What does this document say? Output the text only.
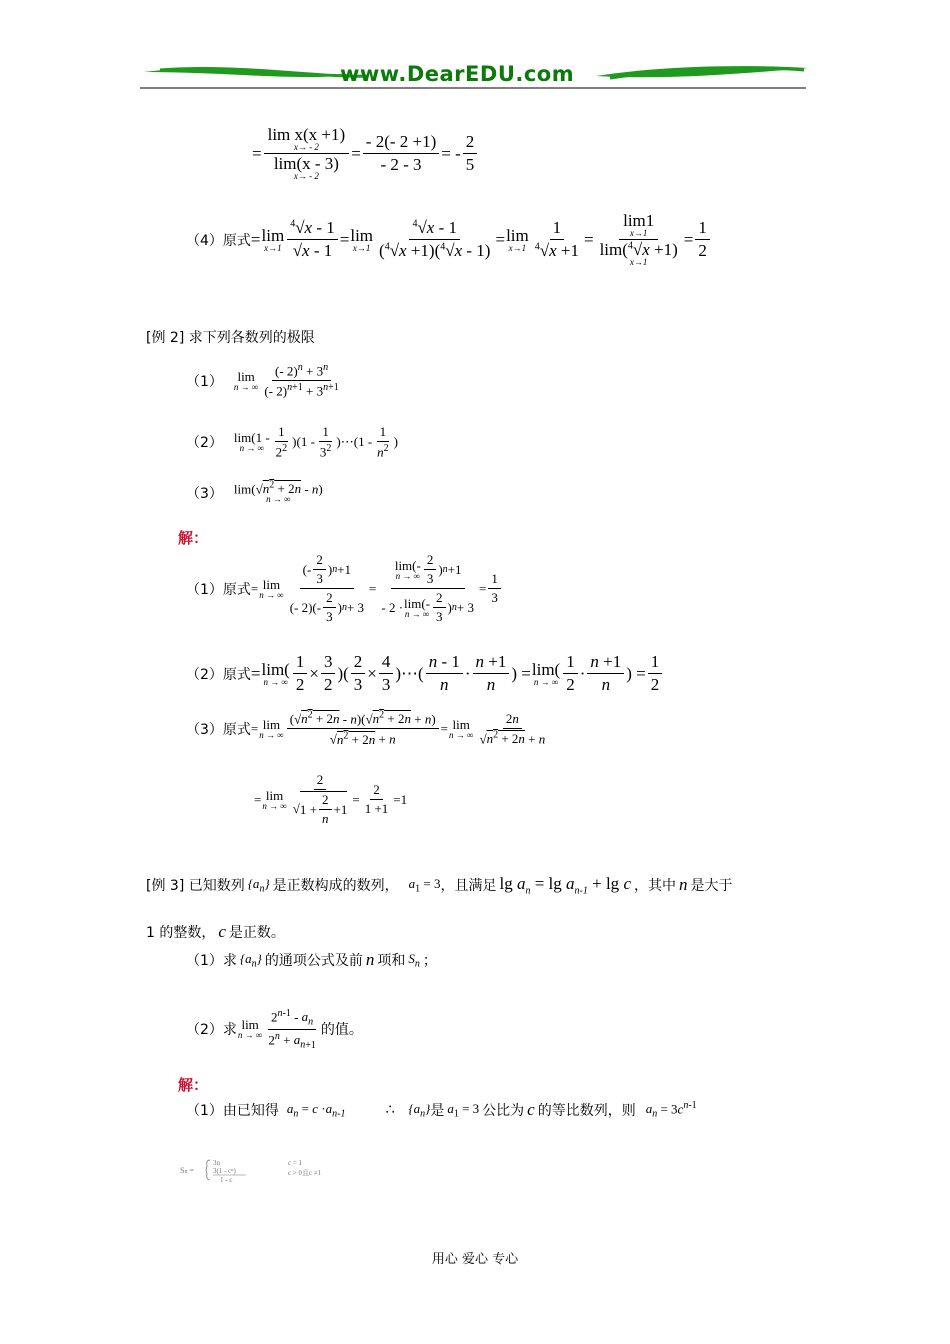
www.DearEDU.com
= lim x(x +1)
x→ - 2
lim(x - 3)
$x\to - 2 = \frac{- 2(- 2 +1)}{- 2 - 3}$ = - $\frac{2}{5}$
（4）原式 = lim
$x\to 1 \frac{^4√x - 1}{√x - 1} = \lim$
$x\to 1 \frac{^4√x - 1}{(^4√x +1)(^4√x - 1)} = \lim$
$x\to 1 \frac{1}{^4√x +1} = \lim 1$
x→1
lim($^4$√x +1)
$x\to 1 = \frac{1}{2}$
[例 2] 求下列各数列的极限
（1） lim
n → ∞ $\frac{(- 2)^n + 3^n}{(- 2)^{n+1} + 3^{n+1}}$
（2） lim(1 -
n → ∞ $\frac{1}{2^2} )(1 - \frac{1}{3^2}$ )⋯(1 - $\frac{1}{n^2}$ )
（3） $\lim(√n^2 + 2n - n)$
n → ∞
解：
（1）原式 = lim
n → ∞ $\frac{(- \frac{2}{3} ) n +1}{(- 2)(- \frac{2}{3} ) n + 3} = \lim(-$
n → ∞ $\frac{2}{3}$ ) n +1
- 2 · lim(-
n → ∞ $\frac{2}{3}$ ) $n + 3 = \frac{1}{3}$
（2）原式 = lim(
n → ∞ $\frac{1}{2} \times \frac{3}{2}$ )( $\frac{2}{3} \times \frac{4}{3}$ )⋯( $\frac{n - 1}{n} \cdot \frac{n +1}{n}$ ) = lim(
n → ∞ $\frac{1}{2} \cdot \frac{n +1}{n}$ ) = $\frac{1}{2}$
（3）原式 = lim
n → ∞ $\frac{(√n^2 + 2n - n)(√n^2 + 2n + n)}{√n^2 + 2n + n} = \lim$
n → ∞ $\frac{2n}{√n^2 + 2n + n}$
= lim
n → ∞ $\frac{2}{√ 1 + \frac{2}{n} +1} = \frac{2}{1 +1} = 1$
[例 3] 已知数列 $\{a_n\}$ 是正数构成的数列， $a_1 = 3$ ，且满足 $\lg a_n = \lg a_{n-1} + \lg c$ ，其中 n 是大于
1 的整数， c 是正数。
（1）求 $\{a_n\}$ 的通项公式及前 n 项和 $S_n$ ；
（2）求 lim
n → ∞ $\frac{2^{n-1} - a_n}{2^n + a_{n+1}}$ 的值。
解：
（1）由已知得 $a_n = c \cdot a_{n-1}$	∴ $\{a_n\}$ 是 $a_1 = 3$ 公比为 c 的等比数列，则 $a_n = 3c^{n-1}$
Sn =
3n
3(1 - cⁿ)
1 - c
c = 1
c > 0且c ≠1
用心 爱心 专心
